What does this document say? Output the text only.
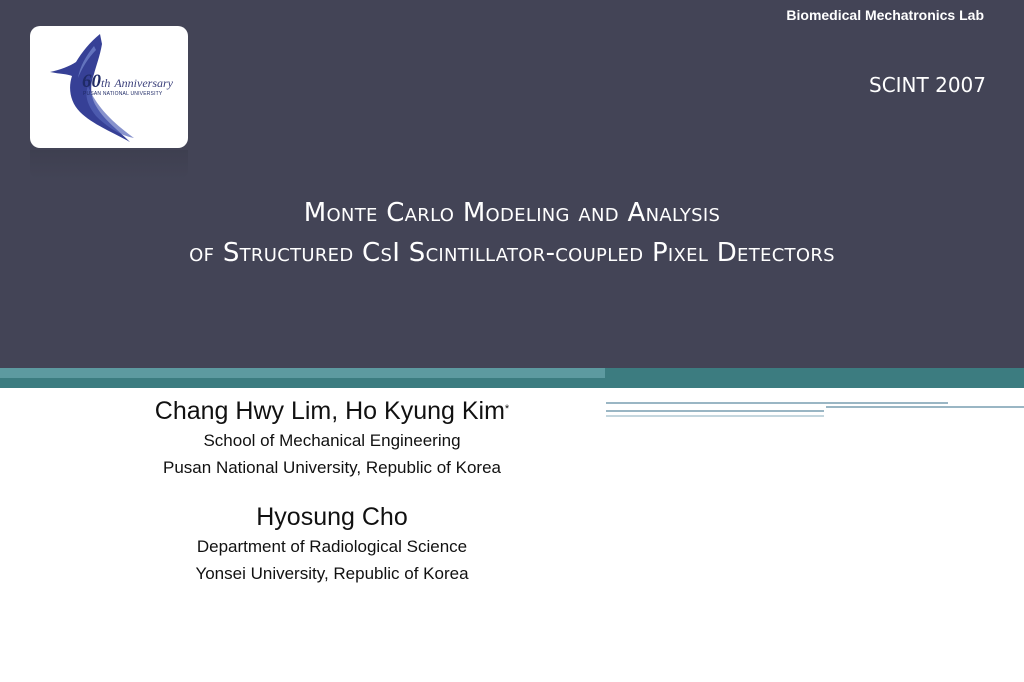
Biomedical Mechatronics Lab
SCINT 2007
60th Anniversary
PUSAN NATIONAL UNIVERSITY
Monte Carlo Modeling and Analysis
of Structured CsI Scintillator-coupled Pixel Detectors
Chang Hwy Lim, Ho Kyung Kim*
School of Mechanical Engineering
Pusan National University, Republic of Korea
Hyosung Cho
Department of Radiological Science
Yonsei University, Republic of Korea
